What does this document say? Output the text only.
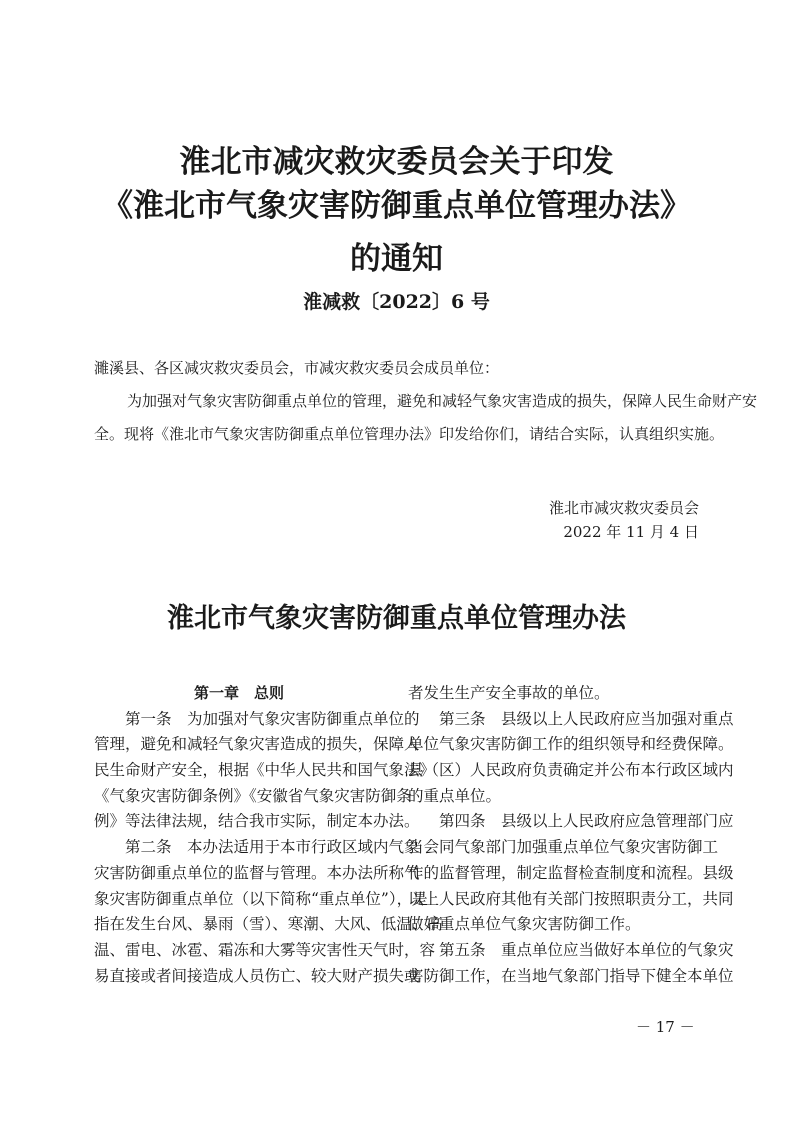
淮北市减灾救灾委员会关于印发
《淮北市气象灾害防御重点单位管理办法》
的通知
淮减救〔2022〕6 号
濉溪县、各区减灾救灾委员会，市减灾救灾委员会成员单位：
为加强对气象灾害防御重点单位的管理，避免和减轻气象灾害造成的损失，保障人民生命财产安
全。现将《淮北市气象灾害防御重点单位管理办法》印发给你们，请结合实际，认真组织实施。
淮北市减灾救灾委员会
2022 年 11 月 4 日
淮北市气象灾害防御重点单位管理办法
第一章　总则
第一条　为加强对气象灾害防御重点单位的
管理，避免和减轻气象灾害造成的损失，保障人
民生命财产安全，根据《中华人民共和国气象法》
《气象灾害防御条例》《安徽省气象灾害防御条
例》等法律法规，结合我市实际，制定本办法。
第二条　本办法适用于本市行政区域内气象
灾害防御重点单位的监督与管理。本办法所称气
象灾害防御重点单位（以下简称“重点单位”），是
指在发生台风、暴雨（雪）、寒潮、大风、低温、高
温、雷电、冰雹、霜冻和大雾等灾害性天气时，容
易直接或者间接造成人员伤亡、较大财产损失或
者发生生产安全事故的单位。
第三条　县级以上人民政府应当加强对重点
单位气象灾害防御工作的组织领导和经费保障。
县（区）人民政府负责确定并公布本行政区域内
的重点单位。
第四条　县级以上人民政府应急管理部门应
当会同气象部门加强重点单位气象灾害防御工
作的监督管理，制定监督检查制度和流程。县级
以上人民政府其他有关部门按照职责分工，共同
做好重点单位气象灾害防御工作。
第五条　重点单位应当做好本单位的气象灾
害防御工作，在当地气象部门指导下健全本单位
－ 17 －
